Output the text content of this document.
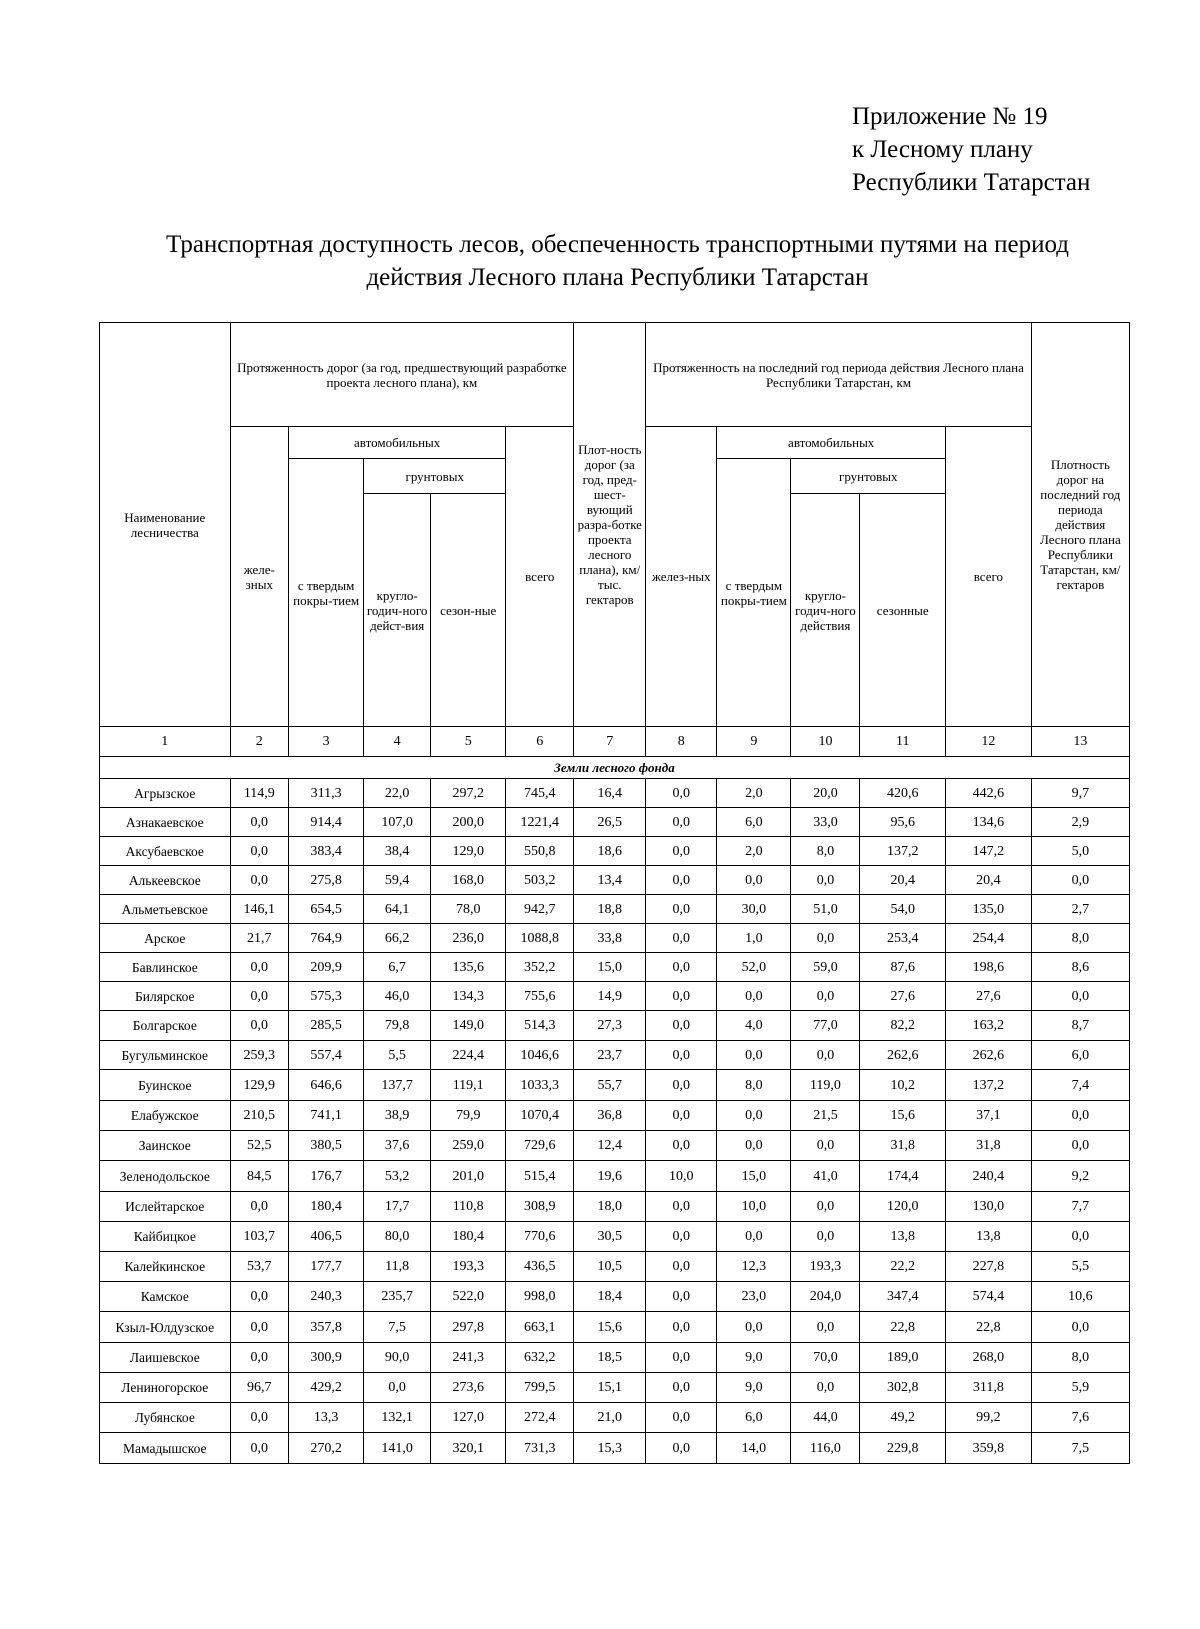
Приложение № 19
к Лесному плану
Республики Татарстан
Транспортная доступность лесов, обеспеченность транспортными путями на период
действия Лесного плана Республики Татарстан
Наименование лесничества	Протяженность дорог (за год, предшествующий разработке проекта лесного плана), км					Плот-ность дорог (за год, пред-шест-вующий разра-ботке проекта лесного плана), км/тыс. гектаров	Протяженность на последний год периода действия Лесного плана Республики Татарстан, км					Плотность дорог на последний год периода действия Лесного плана Республики Татарстан, км/гектаров
	желе-зных	автомобильных			всего		желез-ных	автомобильных			всего	
		с твердым покры-тием	грунтовых					с твердым покры-тием	грунтовых			
			кругло-годич-ного дейст-вия	сезон-ные					кругло-годич-ного действия	сезонные		
1	2	3	4	5	6	7	8	9	10	11	12	13
Земли лесного фонда												
Агрызское	114,9	311,3	22,0	297,2	745,4	16,4	0,0	2,0	20,0	420,6	442,6	9,7
Азнакаевское	0,0	914,4	107,0	200,0	1221,4	26,5	0,0	6,0	33,0	95,6	134,6	2,9
Аксубаевское	0,0	383,4	38,4	129,0	550,8	18,6	0,0	2,0	8,0	137,2	147,2	5,0
Алькеевское	0,0	275,8	59,4	168,0	503,2	13,4	0,0	0,0	0,0	20,4	20,4	0,0
Альметьевское	146,1	654,5	64,1	78,0	942,7	18,8	0,0	30,0	51,0	54,0	135,0	2,7
Арское	21,7	764,9	66,2	236,0	1088,8	33,8	0,0	1,0	0,0	253,4	254,4	8,0
Бавлинское	0,0	209,9	6,7	135,6	352,2	15,0	0,0	52,0	59,0	87,6	198,6	8,6
Билярское	0,0	575,3	46,0	134,3	755,6	14,9	0,0	0,0	0,0	27,6	27,6	0,0
Болгарское	0,0	285,5	79,8	149,0	514,3	27,3	0,0	4,0	77,0	82,2	163,2	8,7
Бугульминское	259,3	557,4	5,5	224,4	1046,6	23,7	0,0	0,0	0,0	262,6	262,6	6,0
Буинское	129,9	646,6	137,7	119,1	1033,3	55,7	0,0	8,0	119,0	10,2	137,2	7,4
Елабужское	210,5	741,1	38,9	79,9	1070,4	36,8	0,0	0,0	21,5	15,6	37,1	0,0
Заинское	52,5	380,5	37,6	259,0	729,6	12,4	0,0	0,0	0,0	31,8	31,8	0,0
Зеленодольское	84,5	176,7	53,2	201,0	515,4	19,6	10,0	15,0	41,0	174,4	240,4	9,2
Ислейтарское	0,0	180,4	17,7	110,8	308,9	18,0	0,0	10,0	0,0	120,0	130,0	7,7
Кайбицкое	103,7	406,5	80,0	180,4	770,6	30,5	0,0	0,0	0,0	13,8	13,8	0,0
Калейкинское	53,7	177,7	11,8	193,3	436,5	10,5	0,0	12,3	193,3	22,2	227,8	5,5
Камское	0,0	240,3	235,7	522,0	998,0	18,4	0,0	23,0	204,0	347,4	574,4	10,6
Кзыл-Юлдузское	0,0	357,8	7,5	297,8	663,1	15,6	0,0	0,0	0,0	22,8	22,8	0,0
Лаишевское	0,0	300,9	90,0	241,3	632,2	18,5	0,0	9,0	70,0	189,0	268,0	8,0
Лениногорское	96,7	429,2	0,0	273,6	799,5	15,1	0,0	9,0	0,0	302,8	311,8	5,9
Лубянское	0,0	13,3	132,1	127,0	272,4	21,0	0,0	6,0	44,0	49,2	99,2	7,6
Мамадышское	0,0	270,2	141,0	320,1	731,3	15,3	0,0	14,0	116,0	229,8	359,8	7,5
